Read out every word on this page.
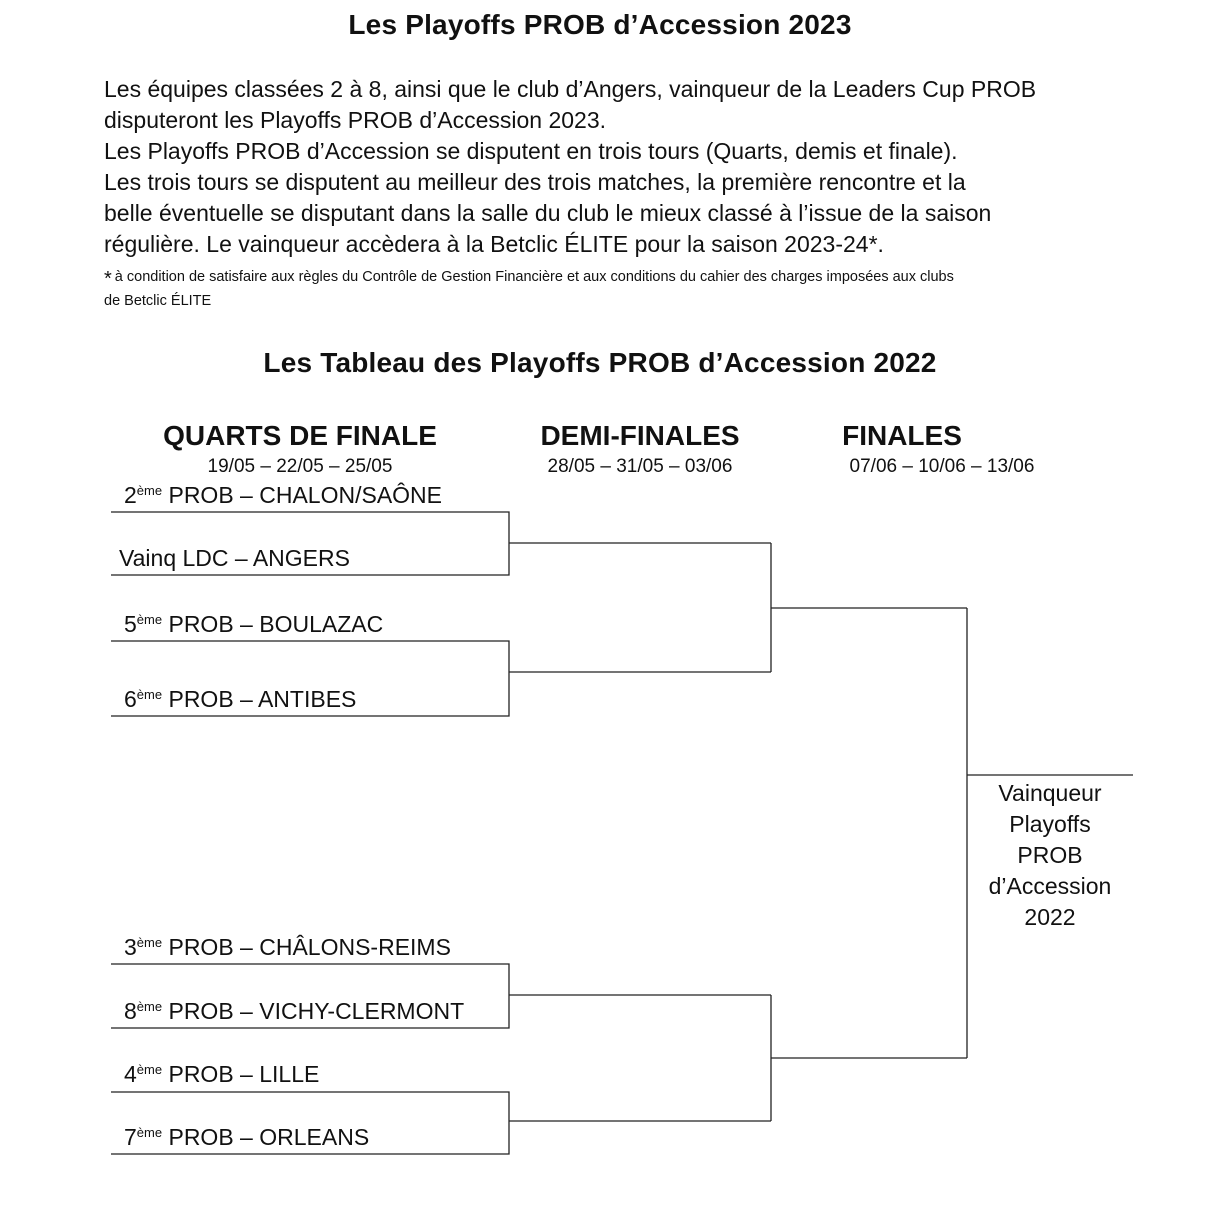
Les Playoffs PROB d’Accession 2023
Les équipes classées 2 à 8, ainsi que le club d’Angers, vainqueur de la Leaders Cup PROB
disputeront les Playoffs PROB d’Accession 2023.
Les Playoffs PROB d’Accession se disputent en trois tours (Quarts, demis et finale).
Les trois tours se disputent au meilleur des trois matches, la première rencontre et la
belle éventuelle se disputant dans la salle du club le mieux classé à l’issue de la saison
régulière. Le vainqueur accèdera à la Betclic ÉLITE pour la saison 2023-24*.
* à condition de satisfaire aux règles du Contrôle de Gestion Financière et aux conditions du cahier des charges imposées aux clubs
de Betclic ÉLITE
Les Tableau des Playoffs PROB d’Accession 2022
QUARTS DE FINALE
19/05 – 22/05 – 25/05
DEMI-FINALES
28/05 – 31/05 – 03/06
FINALES
07/06 – 10/06 – 13/06
2ème PROB – CHALON/SAÔNE
Vainq LDC – ANGERS
5ème PROB – BOULAZAC
6ème PROB – ANTIBES
3ème PROB – CHÂLONS-REIMS
8ème PROB – VICHY-CLERMONT
4ème PROB – LILLE
7ème PROB – ORLEANS
Vainqueur
Playoffs
PROB
d’Accession
2022
